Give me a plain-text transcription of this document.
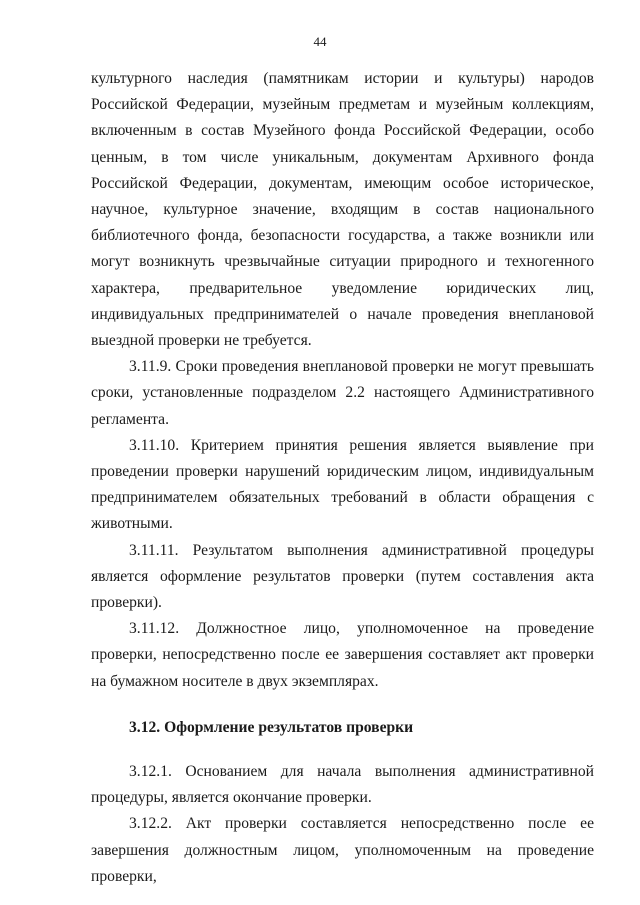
44

культурного наследия (памятникам истории и культуры) народов Российской Федерации, музейным предметам и музейным коллекциям, включенным в состав Музейного фонда Российской Федерации, особо ценным, в том числе уникальным, документам Архивного фонда Российской Федерации, документам, имеющим особое историческое, научное, культурное значение, входящим в состав национального библиотечного фонда, безопасности государства, а также возникли или могут возникнуть чрезвычайные ситуации природного и техногенного характера, предварительное уведомление юридических лиц, индивидуальных предпринимателей о начале проведения внеплановой выездной проверки не требуется.

3.11.9. Сроки проведения внеплановой проверки не могут превышать сроки, установленные подразделом 2.2 настоящего Административного регламента.

3.11.10. Критерием принятия решения является выявление при проведении проверки нарушений юридическим лицом, индивидуальным предпринимателем обязательных требований в области обращения с животными.

3.11.11. Результатом выполнения административной процедуры является оформление результатов проверки (путем составления акта проверки).

3.11.12. Должностное лицо, уполномоченное на проведение проверки, непосредственно после ее завершения составляет акт проверки на бумажном носителе в двух экземплярах.

3.12. Оформление результатов проверки

3.12.1. Основанием для начала выполнения административной процедуры, является окончание проверки.

3.12.2. Акт проверки составляется непосредственно после ее завершения должностным лицом, уполномоченным на проведение проверки,
